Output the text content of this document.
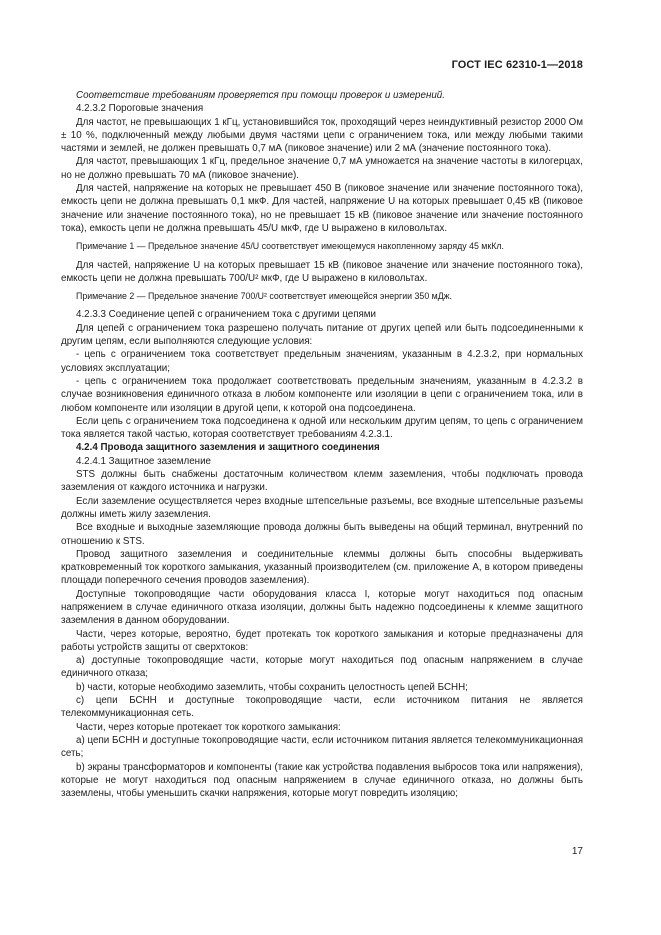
ГОСТ IEC 62310-1—2018

Соответствие требованиям проверяется при помощи проверок и измерений.

4.2.3.2 Пороговые значения

Для частот, не превышающих 1 кГц, установившийся ток, проходящий через неиндуктивный резистор 2000 Ом ± 10 %, подключенный между любыми двумя частями цепи с ограничением тока, или между любыми такими частями и землей, не должен превышать 0,7 мА (пиковое значение) или 2 мА (значение постоянного тока).

Для частот, превышающих 1 кГц, предельное значение 0,7 мА умножается на значение частоты в килогерцах, но не должно превышать 70 мА (пиковое значение).

Для частей, напряжение на которых не превышает 450 В (пиковое значение или значение постоянного тока), емкость цепи не должна превышать 0,1 мкФ. Для частей, напряжение U на которых превышает 0,45 кВ (пиковое значение или значение постоянного тока), но не превышает 15 кВ (пиковое значение или значение постоянного тока), емкость цепи не должна превышать 45/U мкФ, где U выражено в киловольтах.

Примечание 1 — Предельное значение 45/U соответствует имеющемуся накопленному заряду 45 мкКл.

Для частей, напряжение U на которых превышает 15 кВ (пиковое значение или значение постоянного тока), емкость цепи не должна превышать 700/U² мкФ, где U выражено в киловольтах.

Примечание 2 — Предельное значение 700/U² соответствует имеющейся энергии 350 мДж.

4.2.3.3 Соединение цепей с ограничением тока с другими цепями

Для цепей с ограничением тока разрешено получать питание от других цепей или быть подсоединенными к другим цепям, если выполняются следующие условия:

- цепь с ограничением тока соответствует предельным значениям, указанным в 4.2.3.2, при нормальных условиях эксплуатации;

- цепь с ограничением тока продолжает соответствовать предельным значениям, указанным в 4.2.3.2 в случае возникновения единичного отказа в любом компоненте или изоляции в цепи с ограничением тока, или в любом компоненте или изоляции в другой цепи, к которой она подсоединена.

Если цепь с ограничением тока подсоединена к одной или нескольким другим цепям, то цепь с ограничением тока является такой частью, которая соответствует требованиям 4.2.3.1.

4.2.4 Провода защитного заземления и защитного соединения

4.2.4.1 Защитное заземление

STS должны быть снабжены достаточным количеством клемм заземления, чтобы подключать провода заземления от каждого источника и нагрузки.

Если заземление осуществляется через входные штепсельные разъемы, все входные штепсельные разъемы должны иметь жилу заземления.

Все входные и выходные заземляющие провода должны быть выведены на общий терминал, внутренний по отношению к STS.

Провод защитного заземления и соединительные клеммы должны быть способны выдерживать кратковременный ток короткого замыкания, указанный производителем (см. приложение А, в котором приведены площади поперечного сечения проводов заземления).

Доступные токопроводящие части оборудования класса I, которые могут находиться под опасным напряжением в случае единичного отказа изоляции, должны быть надежно подсоединены к клемме защитного заземления в данном оборудовании.

Части, через которые, вероятно, будет протекать ток короткого замыкания и которые предназначены для работы устройств защиты от сверхтоков:

a) доступные токопроводящие части, которые могут находиться под опасным напряжением в случае единичного отказа;

b) части, которые необходимо заземлить, чтобы сохранить целостность цепей БСНН;

c) цепи БСНН и доступные токопроводящие части, если источником питания не является телекоммуникационная сеть.

Части, через которые протекает ток короткого замыкания:

a) цепи БСНН и доступные токопроводящие части, если источником питания является телекоммуникационная сеть;

b) экраны трансформаторов и компоненты (такие как устройства подавления выбросов тока или напряжения), которые не могут находиться под опасным напряжением в случае единичного отказа, но должны быть заземлены, чтобы уменьшить скачки напряжения, которые могут повредить изоляцию;

17
